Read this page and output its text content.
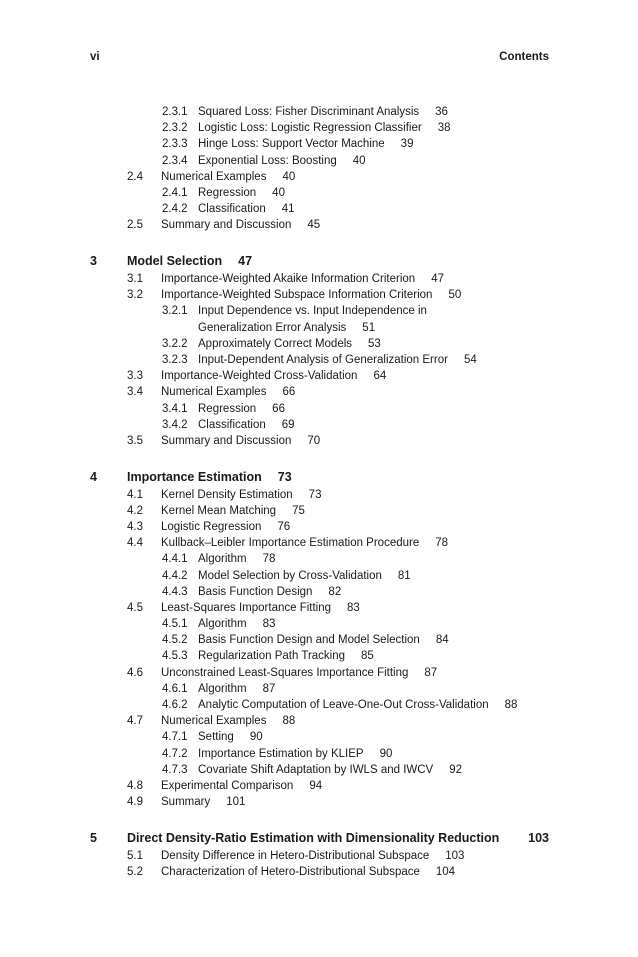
vi	Contents
2.3.1 Squared Loss: Fisher Discriminant Analysis 36
2.3.2 Logistic Loss: Logistic Regression Classifier 38
2.3.3 Hinge Loss: Support Vector Machine 39
2.3.4 Exponential Loss: Boosting 40
2.4 Numerical Examples 40
2.4.1 Regression 40
2.4.2 Classification 41
2.5 Summary and Discussion 45
3 Model Selection 47
3.1 Importance-Weighted Akaike Information Criterion 47
3.2 Importance-Weighted Subspace Information Criterion 50
3.2.1 Input Dependence vs. Input Independence in
Generalization Error Analysis 51
3.2.2 Approximately Correct Models 53
3.2.3 Input-Dependent Analysis of Generalization Error 54
3.3 Importance-Weighted Cross-Validation 64
3.4 Numerical Examples 66
3.4.1 Regression 66
3.4.2 Classification 69
3.5 Summary and Discussion 70
4 Importance Estimation 73
4.1 Kernel Density Estimation 73
4.2 Kernel Mean Matching 75
4.3 Logistic Regression 76
4.4 Kullback–Leibler Importance Estimation Procedure 78
4.4.1 Algorithm 78
4.4.2 Model Selection by Cross-Validation 81
4.4.3 Basis Function Design 82
4.5 Least-Squares Importance Fitting 83
4.5.1 Algorithm 83
4.5.2 Basis Function Design and Model Selection 84
4.5.3 Regularization Path Tracking 85
4.6 Unconstrained Least-Squares Importance Fitting 87
4.6.1 Algorithm 87
4.6.2 Analytic Computation of Leave-One-Out Cross-Validation 88
4.7 Numerical Examples 88
4.7.1 Setting 90
4.7.2 Importance Estimation by KLIEP 90
4.7.3 Covariate Shift Adaptation by IWLS and IWCV 92
4.8 Experimental Comparison 94
4.9 Summary 101
5 Direct Density-Ratio Estimation with Dimensionality Reduction 103
5.1 Density Difference in Hetero-Distributional Subspace 103
5.2 Characterization of Hetero-Distributional Subspace 104
